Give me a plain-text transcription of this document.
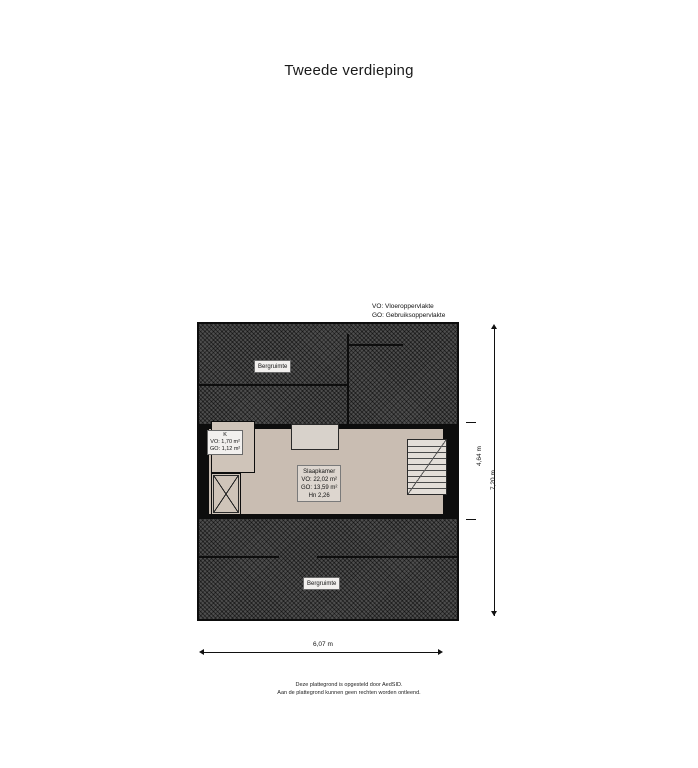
Tweede verdieping
VO: Vloeroppervlakte
GO: Gebruiksoppervlakte
Bergruimte
Bergruimte
K
VO: 1,70 m²
GO: 1,12 m²
Slaapkamer
VO: 22,02 m²
GO: 13,59 m²
Hn 2,26
7,20 m
4,64 m
6,07 m
Deze plattegrond is opgesteld door AedSID.
Aan de plattegrond kunnen geen rechten worden ontleend.
